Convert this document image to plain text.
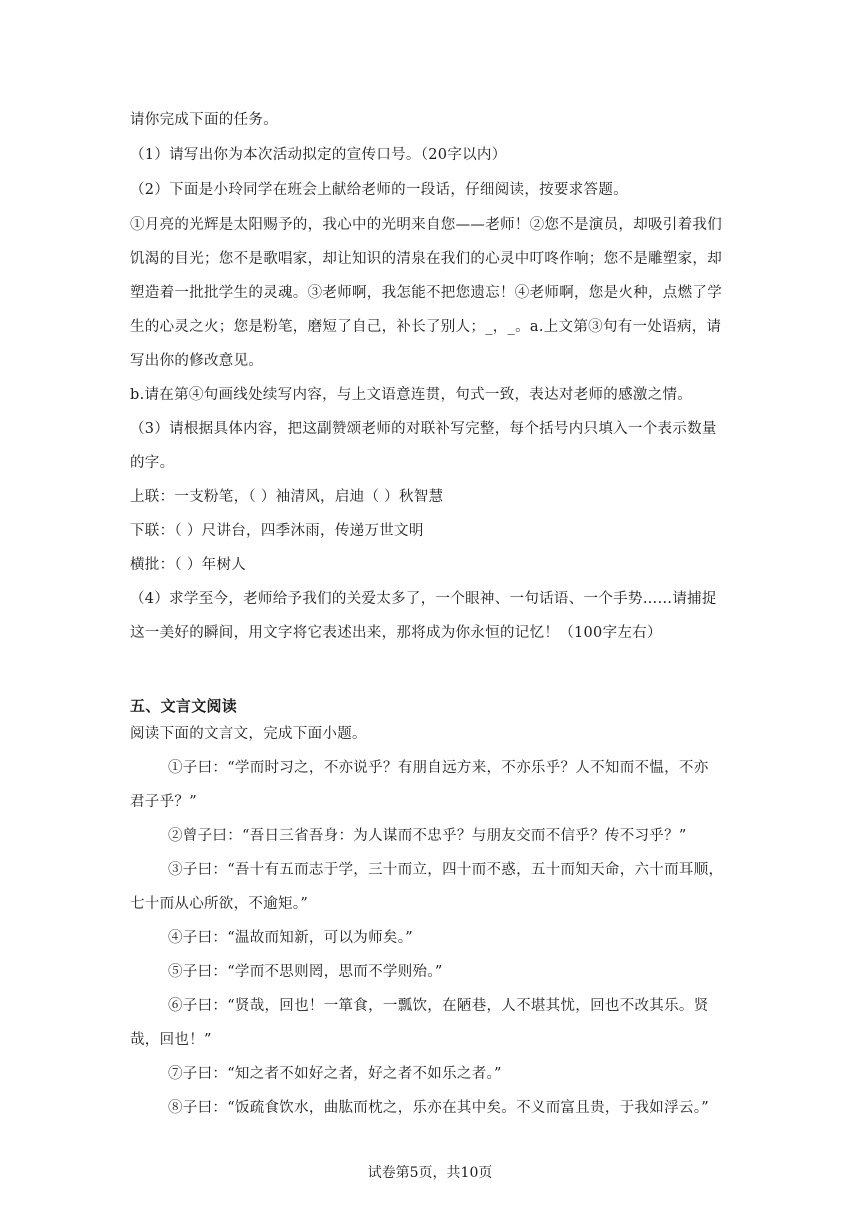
请你完成下面的任务。
（1）请写出你为本次活动拟定的宣传口号。（20字以内）
（2）下面是小玲同学在班会上献给老师的一段话，仔细阅读，按要求答题。
①月亮的光辉是太阳赐予的，我心中的光明来自您——老师！②您不是演员，却吸引着我们
饥渴的目光；您不是歌唱家，却让知识的清泉在我们的心灵中叮咚作响；您不是雕塑家，却
塑造着一批批学生的灵魂。③老师啊，我怎能不把您遗忘！④老师啊，您是火种，点燃了学
生的心灵之火；您是粉笔，磨短了自己，补长了别人；_，_。a.上文第③句有一处语病，请
写出你的修改意见。
b.请在第④句画线处续写内容，与上文语意连贯，句式一致，表达对老师的感激之情。
（3）请根据具体内容，把这副赞颂老师的对联补写完整，每个括号内只填入一个表示数量
的字。
上联：一支粉笔，（ ）袖清风，启迪（ ）秋智慧
下联：（ ）尺讲台，四季沐雨，传递万世文明
横批：（ ）年树人
（4）求学至今，老师给予我们的关爱太多了，一个眼神、一句话语、一个手势……请捕捉
这一美好的瞬间，用文字将它表述出来，那将成为你永恒的记忆！（100字左右）
五、文言文阅读
阅读下面的文言文，完成下面小题。
①子曰：“学而时习之，不亦说乎？有朋自远方来，不亦乐乎？人不知而不愠，不亦
君子乎？”
②曾子曰：“吾日三省吾身：为人谋而不忠乎？与朋友交而不信乎？传不习乎？”
③子曰：“吾十有五而志于学，三十而立，四十而不惑，五十而知天命，六十而耳顺，
七十而从心所欲，不逾矩。”
④子曰：“温故而知新，可以为师矣。”
⑤子曰：“学而不思则罔，思而不学则殆。”
⑥子曰：“贤哉，回也！一箪食，一瓢饮，在陋巷，人不堪其忧，回也不改其乐。贤
哉，回也！”
⑦子曰：“知之者不如好之者，好之者不如乐之者。”
⑧子曰：“饭疏食饮水，曲肱而枕之，乐亦在其中矣。不义而富且贵，于我如浮云。”
试卷第5页，共10页
